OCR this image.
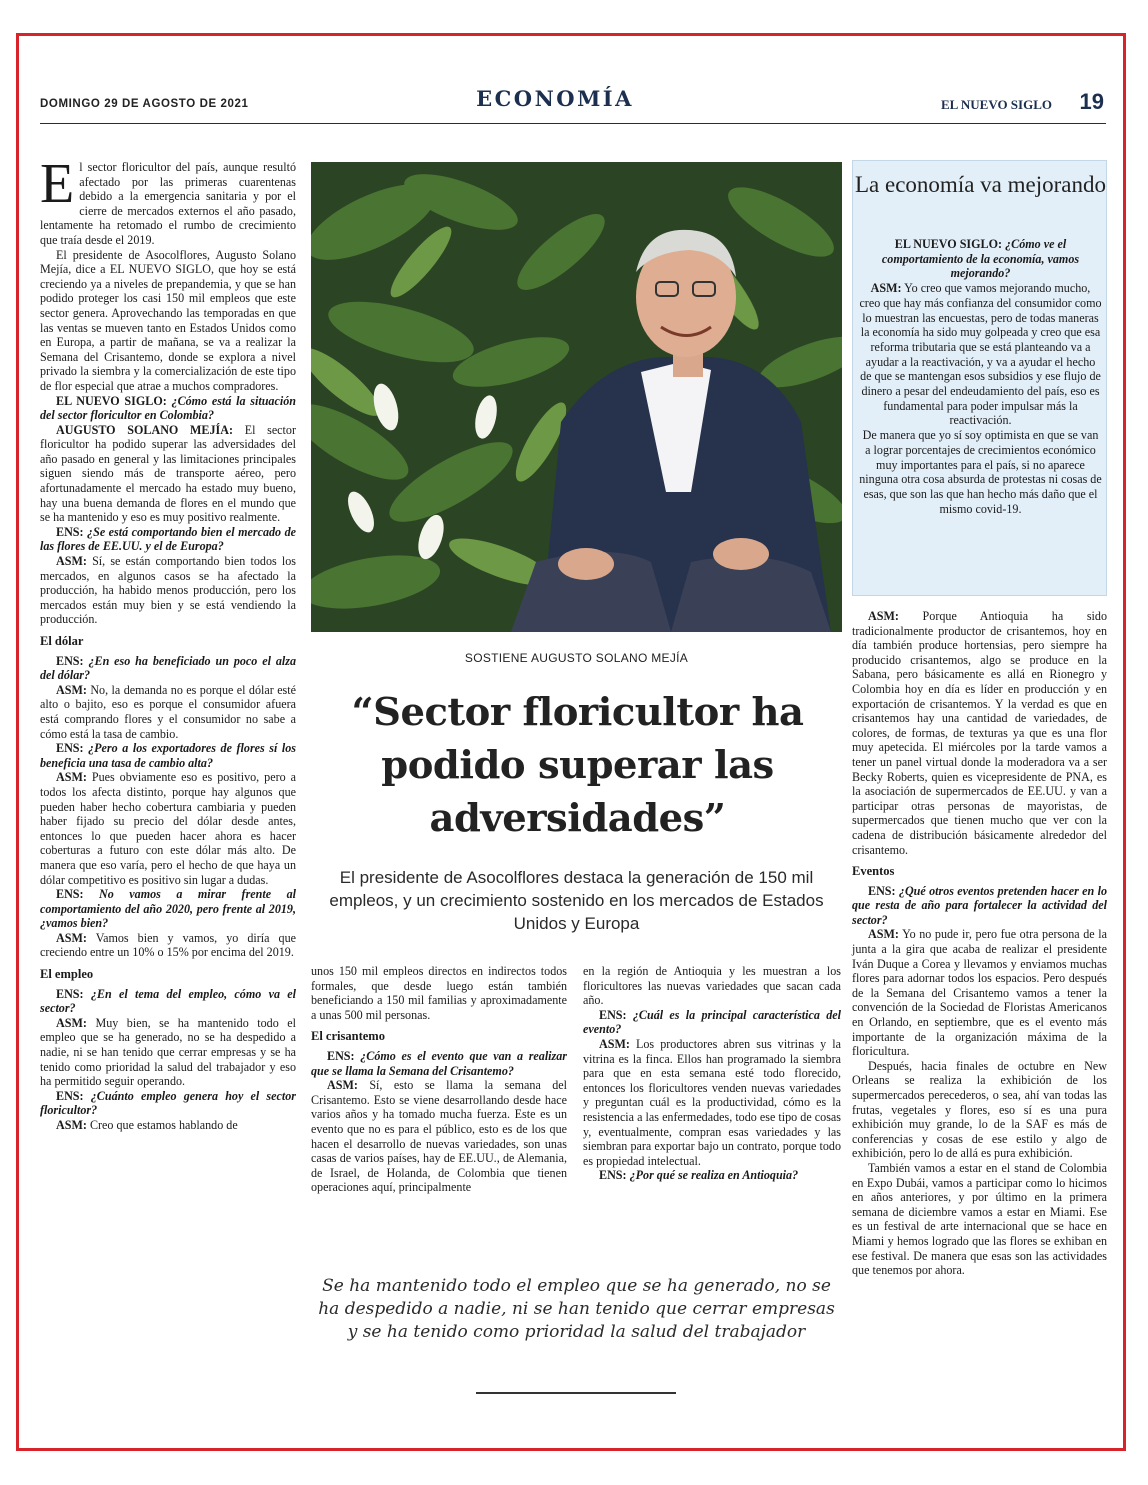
DOMINGO 29 DE AGOSTO DE 2021	ECONOMÍA	EL NUEVO SIGLO 19

El sector floricultor del país, aunque resultó afectado por las primeras cuarentenas debido a la emergencia sanitaria y por el cierre de mercados externos el año pasado, lentamente ha retomado el rumbo de crecimiento que traía desde el 2019.

El presidente de Asocolflores, Augusto Solano Mejía, dice a EL NUEVO SIGLO, que hoy se está creciendo ya a niveles de prepandemia, y que se han podido proteger los casi 150 mil empleos que este sector genera. Aprovechando las temporadas en que las ventas se mueven tanto en Estados Unidos como en Europa, a partir de mañana, se va a realizar la Semana del Crisantemo, donde se explora a nivel privado la siembra y la comercialización de este tipo de flor especial que atrae a muchos compradores.

EL NUEVO SIGLO: ¿Cómo está la situación del sector floricultor en Colombia?

AUGUSTO SOLANO MEJÍA: El sector floricultor ha podido superar las adversidades del año pasado en general y las limitaciones principales siguen siendo más de transporte aéreo, pero afortunadamente el mercado ha estado muy bueno, hay una buena demanda de flores en el mundo que se ha mantenido y eso es muy positivo realmente.

ENS: ¿Se está comportando bien el mercado de las flores de EE.UU. y el de Europa?

ASM: Sí, se están comportando bien todos los mercados, en algunos casos se ha afectado la producción, ha habido menos producción, pero los mercados están muy bien y se está vendiendo la producción.

El dólar

ENS: ¿En eso ha beneficiado un poco el alza del dólar?

ASM: No, la demanda no es porque el dólar esté alto o bajito, eso es porque el consumidor afuera está comprando flores y el consumidor no sabe a cómo está la tasa de cambio.

ENS: ¿Pero a los exportadores de flores sí los beneficia una tasa de cambio alta?

ASM: Pues obviamente eso es positivo, pero a todos los afecta distinto, porque hay algunos que pueden haber hecho cobertura cambiaria y pueden haber fijado su precio del dólar desde antes, entonces lo que pueden hacer ahora es hacer coberturas a futuro con este dólar más alto. De manera que eso varía, pero el hecho de que haya un dólar competitivo es positivo sin lugar a dudas.

ENS: No vamos a mirar frente al comportamiento del año 2020, pero frente al 2019, ¿vamos bien?

ASM: Vamos bien y vamos, yo diría que creciendo entre un 10% o 15% por encima del 2019.

El empleo

ENS: ¿En el tema del empleo, cómo va el sector?

ASM: Muy bien, se ha mantenido todo el empleo que se ha generado, no se ha despedido a nadie, ni se han tenido que cerrar empresas y se ha tenido como prioridad la salud del trabajador y eso ha permitido seguir operando.

ENS: ¿Cuánto empleo genera hoy el sector floricultor?

ASM: Creo que estamos hablando de

SOSTIENE AUGUSTO SOLANO MEJÍA
“Sector floricultor ha podido superar las adversidades”
El presidente de Asocolflores destaca la generación de 150 mil empleos, y un crecimiento sostenido en los mercados de Estados Unidos y Europa

unos 150 mil empleos directos en indirectos todos formales, que desde luego están también beneficiando a 150 mil familias y aproximadamente a unas 500 mil personas.

El crisantemo

ENS: ¿Cómo es el evento que van a realizar que se llama la Semana del Crisantemo?

ASM: Sí, esto se llama la semana del Crisantemo. Esto se viene desarrollando desde hace varios años y ha tomado mucha fuerza. Este es un evento que no es para el público, esto es de los que hacen el desarrollo de nuevas variedades, son unas casas de varios países, hay de EE.UU., de Alemania, de Israel, de Holanda, de Colombia que tienen operaciones aquí, principalmente

en la región de Antioquia y les muestran a los floricultores las nuevas variedades que sacan cada año.

ENS: ¿Cuál es la principal característica del evento?

ASM: Los productores abren sus vitrinas y la vitrina es la finca. Ellos han programado la siembra para que en esta semana esté todo florecido, entonces los floricultores venden nuevas variedades y preguntan cuál es la productividad, cómo es la resistencia a las enfermedades, todo ese tipo de cosas y, eventualmente, compran esas variedades y las siembran para exportar bajo un contrato, porque todo es propiedad intelectual.

ENS: ¿Por qué se realiza en Antioquia?

Se ha mantenido todo el empleo que se ha generado, no se ha despedido a nadie, ni se han tenido que cerrar empresas y se ha tenido como prioridad la salud del trabajador
La economía va mejorando

EL NUEVO SIGLO: ¿Cómo ve el comportamiento de la economía, vamos mejorando?

ASM: Yo creo que vamos mejorando mucho, creo que hay más confianza del consumidor como lo muestran las encuestas, pero de todas maneras la economía ha sido muy golpeada y creo que esa reforma tributaria que se está planteando va a ayudar a la reactivación, y va a ayudar el hecho de que se mantengan esos subsidios y ese flujo de dinero a pesar del endeudamiento del país, eso es fundamental para poder impulsar más la reactivación.

De manera que yo sí soy optimista en que se van a lograr porcentajes de crecimientos económico muy importantes para el país, si no aparece ninguna otra cosa absurda de protestas ni cosas de esas, que son las que han hecho más daño que el mismo covid-19.

ASM: Porque Antioquia ha sido tradicionalmente productor de crisantemos, hoy en día también produce hortensias, pero siempre ha producido crisantemos, algo se produce en la Sabana, pero básicamente es allá en Rionegro y Colombia hoy en día es líder en producción y en exportación de crisantemos. Y la verdad es que en crisantemos hay una cantidad de variedades, de colores, de formas, de texturas ya que es una flor muy apetecida. El miércoles por la tarde vamos a tener un panel virtual donde la moderadora va a ser Becky Roberts, quien es vicepresidente de PNA, es la asociación de supermercados de EE.UU. y van a participar otras personas de mayoristas, de supermercados que tienen mucho que ver con la cadena de distribución básicamente alrededor del crisantemo.

Eventos

ENS: ¿Qué otros eventos pretenden hacer en lo que resta de año para fortalecer la actividad del sector?

ASM: Yo no pude ir, pero fue otra persona de la junta a la gira que acaba de realizar el presidente Iván Duque a Corea y llevamos y enviamos muchas flores para adornar todos los espacios. Pero después de la Semana del Crisantemo vamos a tener la convención de la Sociedad de Floristas Americanos en Orlando, en septiembre, que es el evento más importante de la organización máxima de la floricultura.

Después, hacia finales de octubre en New Orleans se realiza la exhibición de los supermercados perecederos, o sea, ahí van todas las frutas, vegetales y flores, eso sí es una pura exhibición muy grande, lo de la SAF es más de conferencias y cosas de ese estilo y algo de exhibición, pero lo de allá es pura exhibición.

También vamos a estar en el stand de Colombia en Expo Dubái, vamos a participar como lo hicimos en años anteriores, y por último en la primera semana de diciembre vamos a estar en Miami. Ese es un festival de arte internacional que se hace en Miami y hemos logrado que las flores se exhiban en ese festival. De manera que esas son las actividades que tenemos por ahora.
